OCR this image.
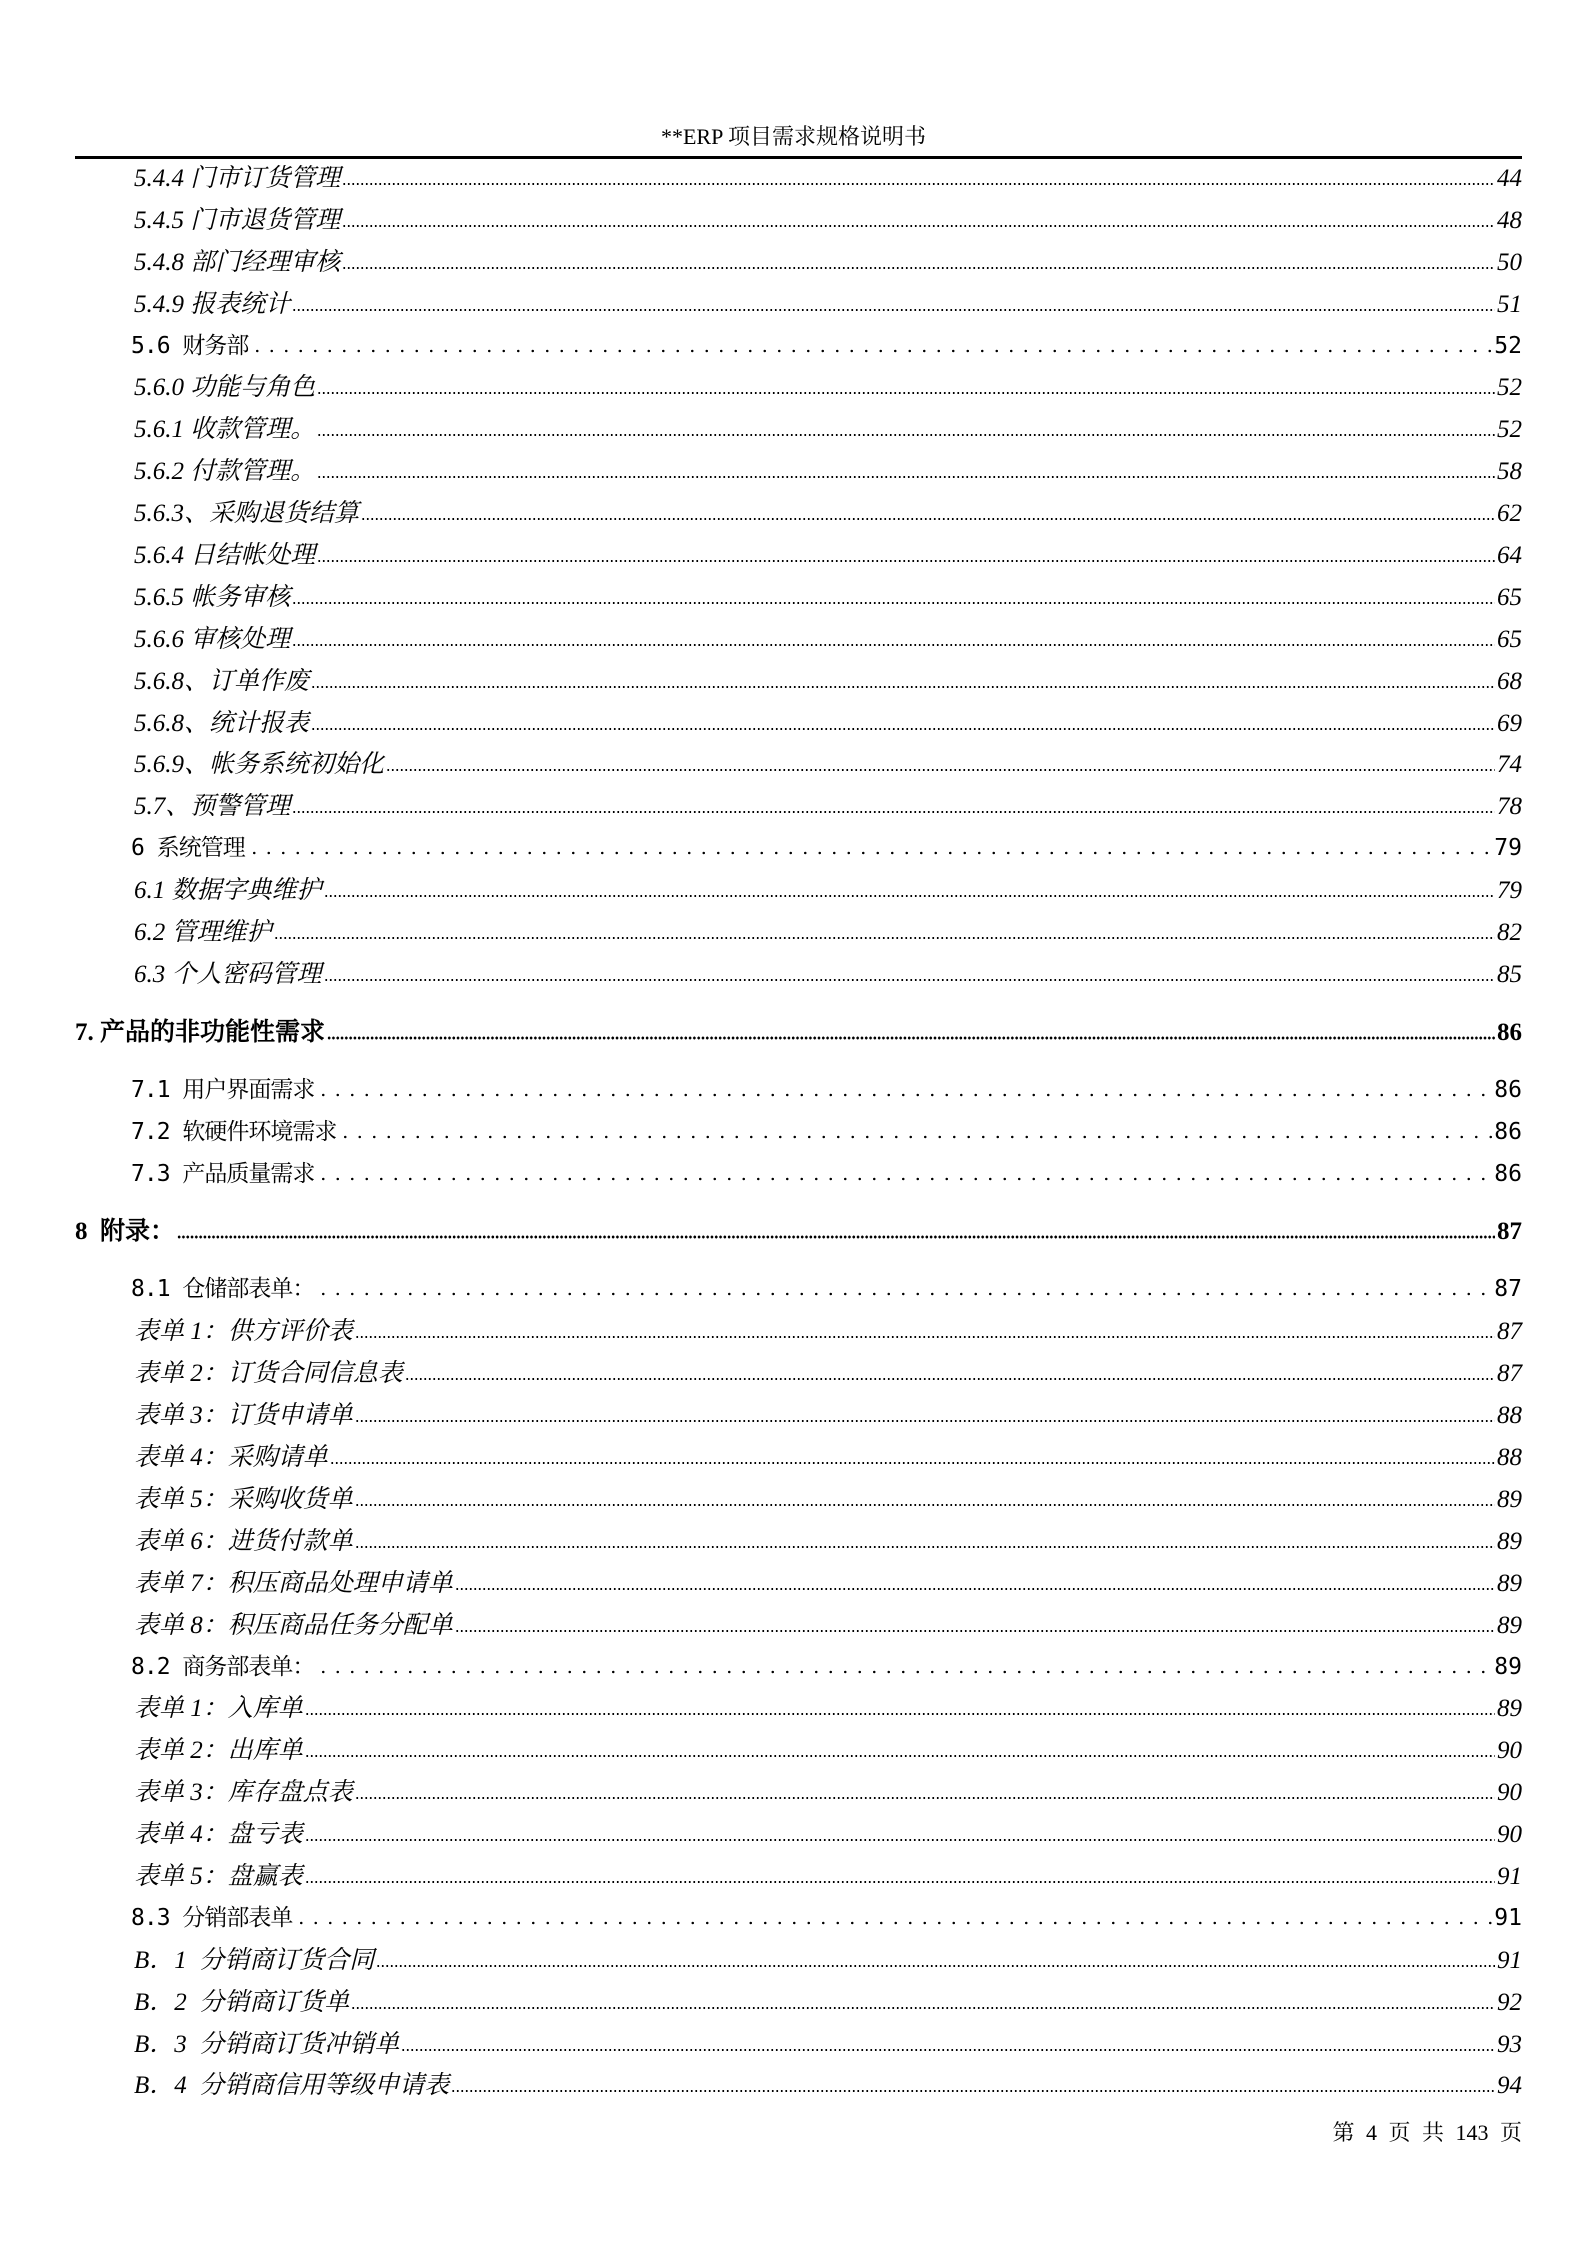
**ERP 项目需求规格说明书
5.4.4 门市订货管理	44
5.4.5 门市退货管理	48
5.4.8 部门经理审核	50
5.4.9 报表统计	51
5.6 财务部	52
5.6.0 功能与角色	52
5.6.1 收款管理。	52
5.6.2 付款管理。	58
5.6.3、采购退货结算	62
5.6.4 日结帐处理	64
5.6.5 帐务审核	65
5.6.6 审核处理	65
5.6.8、订单作废	68
5.6.8、统计报表	69
5.6.9、帐务系统初始化	74
5.7、预警管理	78
6 系统管理	79
6.1 数据字典维护	79
6.2 管理维护	82
6.3 个人密码管理	85
7. 产品的非功能性需求	86
7.1 用户界面需求	86
7.2 软硬件环境需求	86
7.3 产品质量需求	86
8  附录：	87
8.1 仓储部表单：	87
表单 1：供方评价表	87
表单 2：订货合同信息表	87
表单 3：订货申请单	88
表单 4：采购请单	88
表单 5：采购收货单	89
表单 6：进货付款单	89
表单 7：积压商品处理申请单	89
表单 8：积压商品任务分配单	89
8.2 商务部表单：	89
表单 1：入库单	89
表单 2：出库单	90
表单 3：库存盘点表	90
表单 4：盘亏表	90
表单 5：盘赢表	91
8.3 分销部表单	91
B．1  分销商订货合同	91
B．2  分销商订货单	92
B．3  分销商订货冲销单	93
B．4  分销商信用等级申请表	94
第 4 页 共 143 页
